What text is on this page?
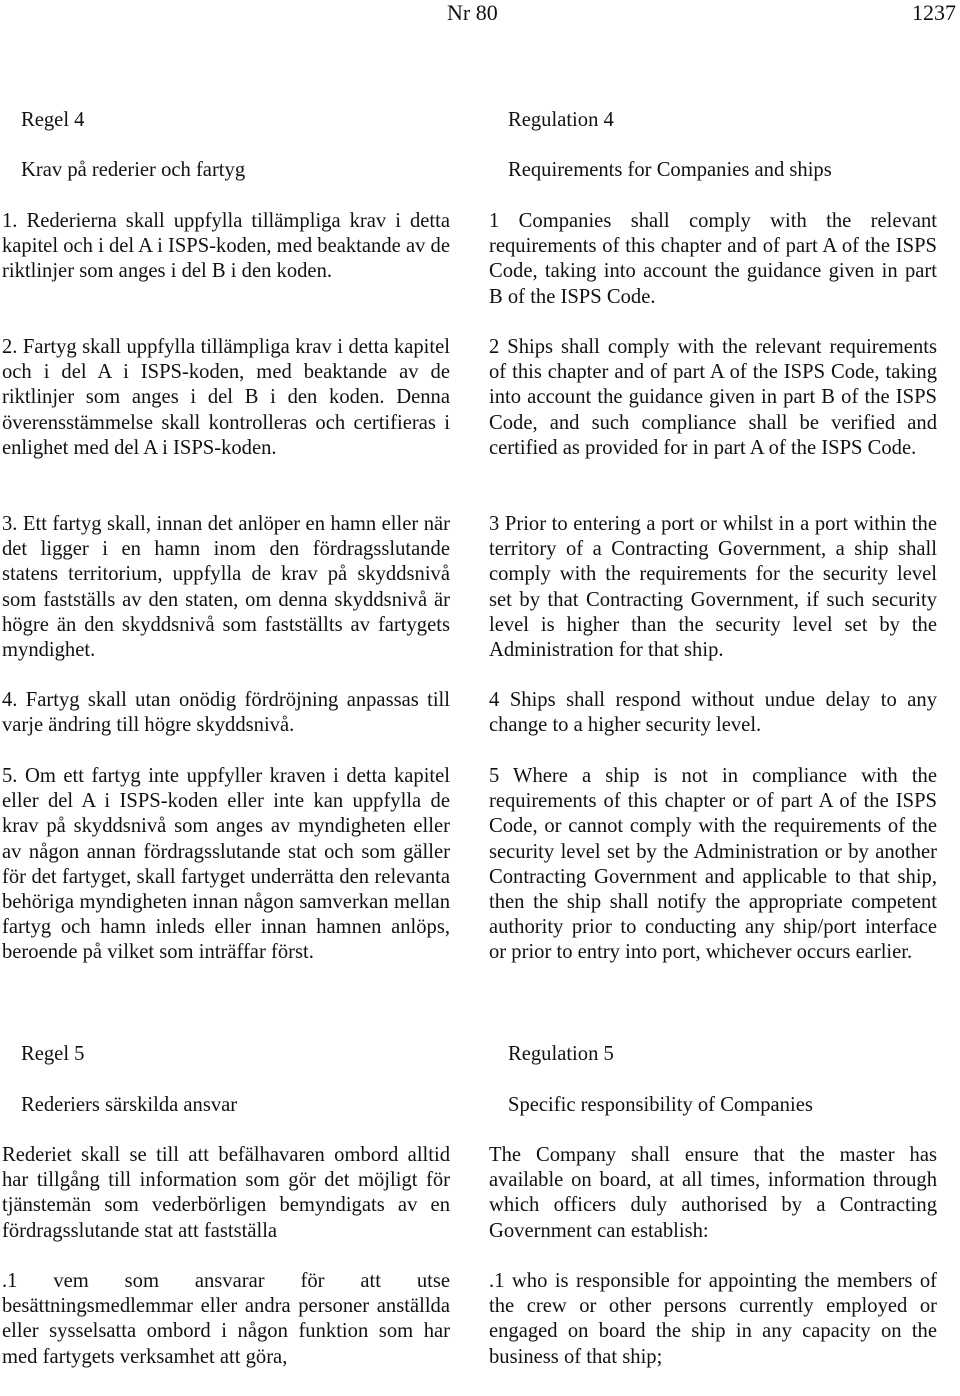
Nr 80	1237

Regel 4

Krav på rederier och fartyg

1. Rederierna skall uppfylla tillämpliga krav i detta kapitel och i del A i ISPS-koden, med beaktande av de riktlinjer som anges i del B i den koden.

2. Fartyg skall uppfylla tillämpliga krav i detta kapitel och i del A i ISPS-koden, med beaktande av de riktlinjer som anges i del B i den koden. Denna överensstämmelse skall kontrolleras och certifieras i enlighet med del A i ISPS-koden.

3. Ett fartyg skall, innan det anlöper en hamn eller när det ligger i en hamn inom den fördragsslutande statens territorium, uppfylla de krav på skyddsnivå som fastställs av den staten, om denna skyddsnivå är högre än den skyddsnivå som fastställts av fartygets myndighet.

4. Fartyg skall utan onödig fördröjning anpassas till varje ändring till högre skyddsnivå.

5. Om ett fartyg inte uppfyller kraven i detta kapitel eller del A i ISPS-koden eller inte kan uppfylla de krav på skyddsnivå som anges av myndigheten eller av någon annan fördragsslutande stat och som gäller för det fartyget, skall fartyget underrätta den relevanta behöriga myndigheten innan någon samverkan mellan fartyg och hamn inleds eller innan hamnen anlöps, beroende på vilket som inträffar först.

Regel 5

Rederiers särskilda ansvar

Rederiet skall se till att befälhavaren ombord alltid har tillgång till information som gör det möjligt för tjänstemän som vederbörligen bemyndigats av en fördragsslutande stat att fastställa

.1 vem som ansvarar för att utse besättningsmedlemmar eller andra personer anställda eller sysselsatta ombord i någon funktion som har med fartygets verksamhet att göra,

Regulation 4

Requirements for Companies and ships

1 Companies shall comply with the relevant requirements of this chapter and of part A of the ISPS Code, taking into account the guidance given in part B of the ISPS Code.

2 Ships shall comply with the relevant requirements of this chapter and of part A of the ISPS Code, taking into account the guidance given in part B of the ISPS Code, and such compliance shall be verified and certified as provided for in part A of the ISPS Code.

3 Prior to entering a port or whilst in a port within the territory of a Contracting Government, a ship shall comply with the requirements for the security level set by that Contracting Government, if such security level is higher than the security level set by the Administration for that ship.

4 Ships shall respond without undue delay to any change to a higher security level.

5 Where a ship is not in compliance with the requirements of this chapter or of part A of the ISPS Code, or cannot comply with the requirements of the security level set by the Administration or by another Contracting Government and applicable to that ship, then the ship shall notify the appropriate competent authority prior to conducting any ship/port interface or prior to entry into port, whichever occurs earlier.

Regulation 5

Specific responsibility of Companies

The Company shall ensure that the master has available on board, at all times, information through which officers duly authorised by a Contracting Government can establish:

.1 who is responsible for appointing the members of the crew or other persons currently employed or engaged on board the ship in any capacity on the business of that ship;
